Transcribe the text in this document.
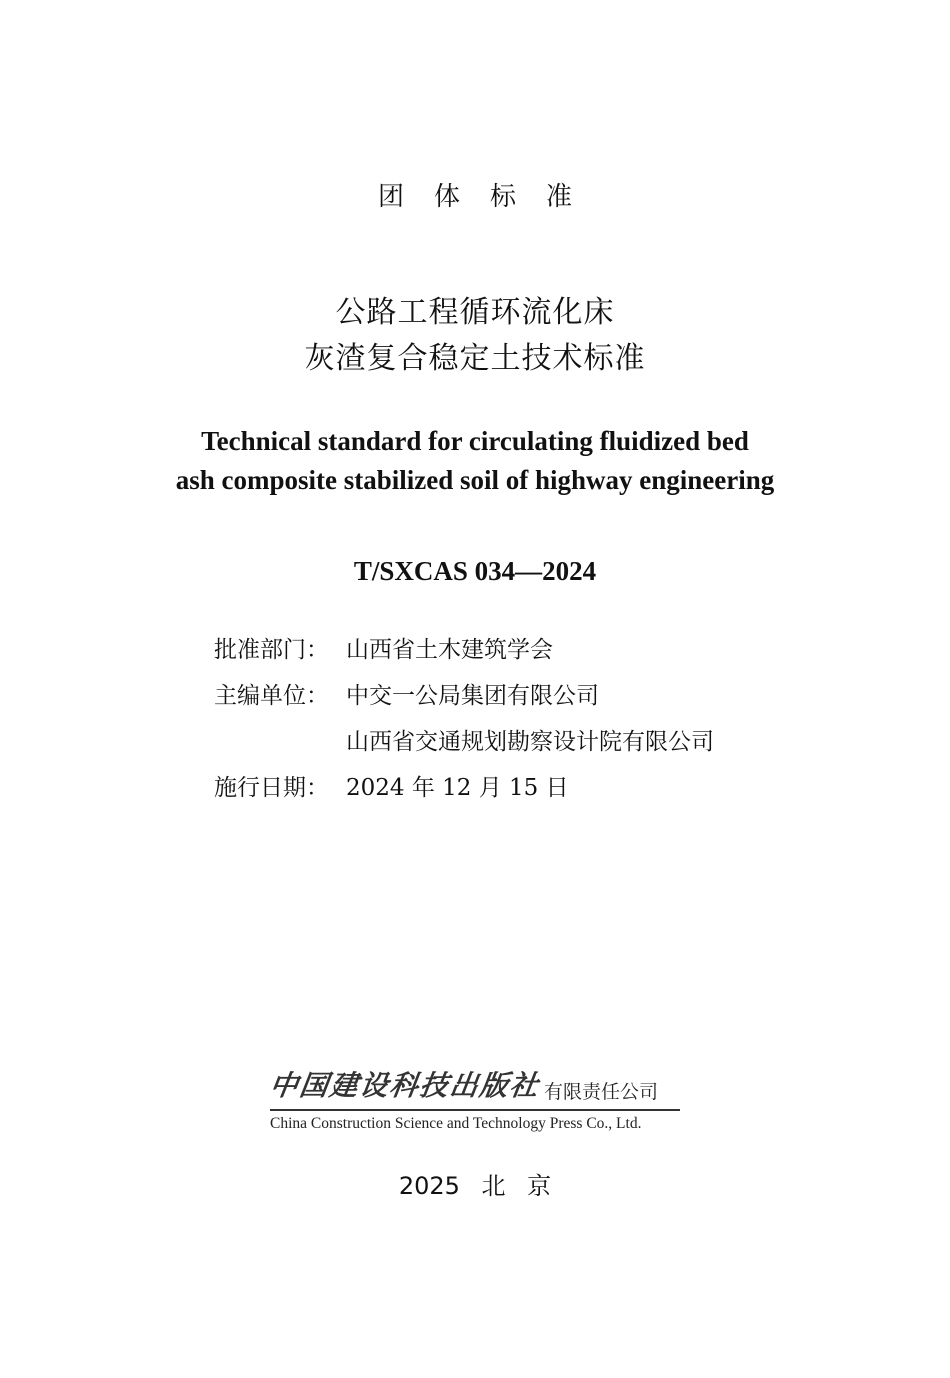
团体标准
公路工程循环流化床
灰渣复合稳定土技术标准
Technical standard for circulating fluidized bed
ash composite stabilized soil of highway engineering
T/SXCAS 034—2024
批准部门： 山西省土木建筑学会
主编单位： 中交一公局集团有限公司
山西省交通规划勘察设计院有限公司
施行日期： 2024 年 12 月 15 日
中国建设科技出版社 有限责任公司
China Construction Science and Technology Press Co., Ltd.
2025 北 京
